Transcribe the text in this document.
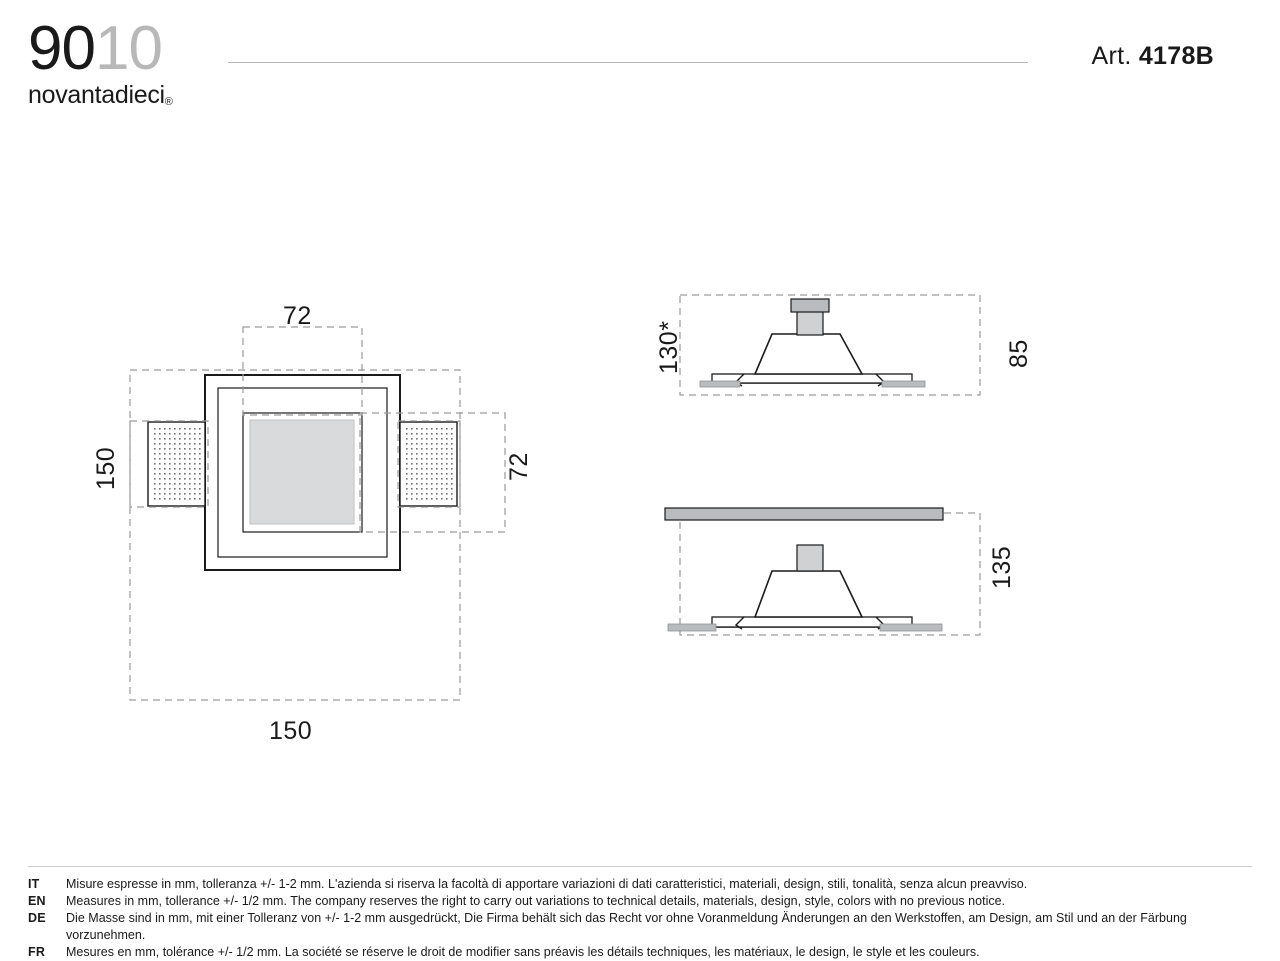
9010
novantadieci®
Art. 4178B
72
72
150
150
130*	85
135
IT	Misure espresse in mm, tolleranza +/- 1-2 mm. L'azienda si riserva la facoltà di apportare variazioni di dati caratteristici, materiali, design, stili, tonalità, senza alcun preavviso.
EN	Measures in mm, tollerance +/- 1/2 mm. The company reserves the right to carry out variations to technical details, materials, design, style, colors with no previous notice.
DE	Die Masse sind in mm, mit einer Tolleranz von +/- 1-2 mm ausgedrückt, Die Firma behält sich das Recht vor ohne Voranmeldung Änderungen an den Werkstoffen, am Design, am Stil und an der Färbung vorzunehmen.
FR	Mesures en mm, tolérance +/- 1/2 mm. La société se réserve le droit de modifier sans préavis les détails techniques, les matériaux, le design, le style et les couleurs.
